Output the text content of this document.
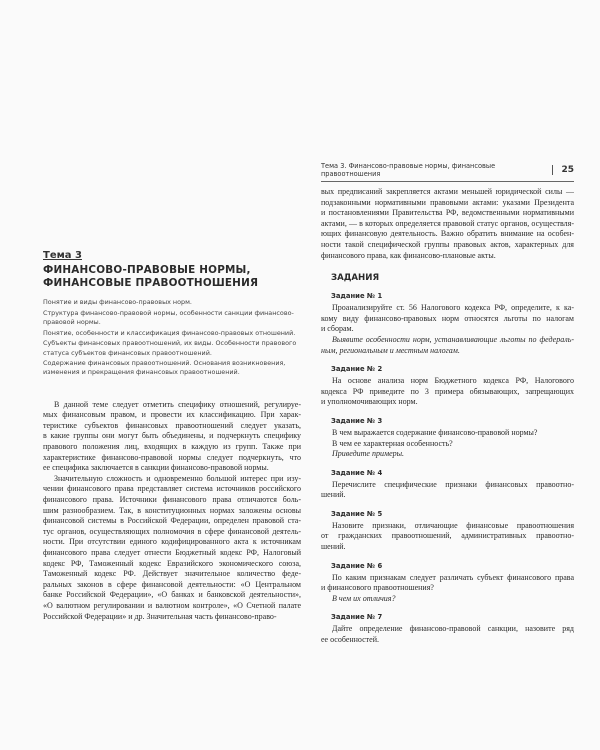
Тема 3
ФИНАНСОВО-ПРАВОВЫЕ НОРМЫ,
ФИНАНСОВЫЕ ПРАВООТНОШЕНИЯ
Понятие и виды финансово-правовых норм.
Структура финансово-правовой нормы, особенности санкции финансово-правовой нормы.
Понятие, особенности и классификация финансово-правовых отношений.
Субъекты финансовых правоотношений, их виды. Особенности правового статуса субъектов финансовых правоотношений.
Содержание финансовых правоотношений. Основания возникновения, изменения и прекращения финансовых правоотношений.
В данной теме следует отметить специфику отношений, регулируе-
мых финансовым правом, и провести их классификацию. При харак-
теристике субъектов финансовых правоотношений следует указать,
в какие группы они могут быть объединены, и подчеркнуть специфику
правового положения лиц, входящих в каждую из групп. Также при
характеристике финансово-правовой нормы следует подчеркнуть, что
ее специфика заключается в санкции финансово-правовой нормы.
Значительную сложность и одновременно большой интерес при изу-
чении финансового права представляет система источников российского
финансового права. Источники финансового права отличаются боль-
шим разнообразием. Так, в конституционных нормах заложены основы
финансовой системы в Российской Федерации, определен правовой ста-
тус органов, осуществляющих полномочия в сфере финансовой деятель-
ности. При отсутствии единого кодифицированного акта к источникам
финансового права следует отнести Бюджетный кодекс РФ, Налоговый
кодекс РФ, Таможенный кодекс Евразийского экономического союза,
Таможенный кодекс РФ. Действует значительное количество феде-
ральных законов в сфере финансовой деятельности: «О Центральном
банке Российской Федерации», «О банках и банковской деятельности»,
«О валютном регулировании и валютном контроле», «О Счетной палате
Российской Федерации» и др. Значительная часть финансово-право-
Тема 3. Финансово-правовые нормы, финансовые правоотношения	25
вых предписаний закрепляется актами меньшей юридической силы —
подзаконными нормативными правовыми актами: указами Президента
и постановлениями Правительства РФ, ведомственными нормативными
актами, — в которых определяется правовой статус органов, осуществля-
ющих финансовую деятельность. Важно обратить внимание на особен-
ности такой специфической группы правовых актов, характерных для
финансового права, как финансово-плановые акты.
ЗАДАНИЯ
Задание № 1
Проанализируйте ст. 56 Налогового кодекса РФ, определите, к ка-
кому виду финансово-правовых норм относятся льготы по налогам
и сборам.
Выявите особенности норм, устанавливающие льготы по федераль-
ным, региональным и местным налогам.
Задание № 2
На основе анализа норм Бюджетного кодекса РФ, Налогового
кодекса РФ приведите по 3 примера обязывающих, запрещающих
и уполномочивающих норм.
Задание № 3
В чем выражается содержание финансово-правовой нормы?
В чем ее характерная особенность?
Приведите примеры.
Задание № 4
Перечислите специфические признаки финансовых правоотно-
шений.
Задание № 5
Назовите признаки, отличающие финансовые правоотношения
от гражданских правоотношений, административных правоотно-
шений.
Задание № 6
По каким признакам следует различать субъект финансового права
и финансового правоотношения?
В чем их отличия?
Задание № 7
Дайте определение финансово-правовой санкции, назовите ряд
ее особенностей.
